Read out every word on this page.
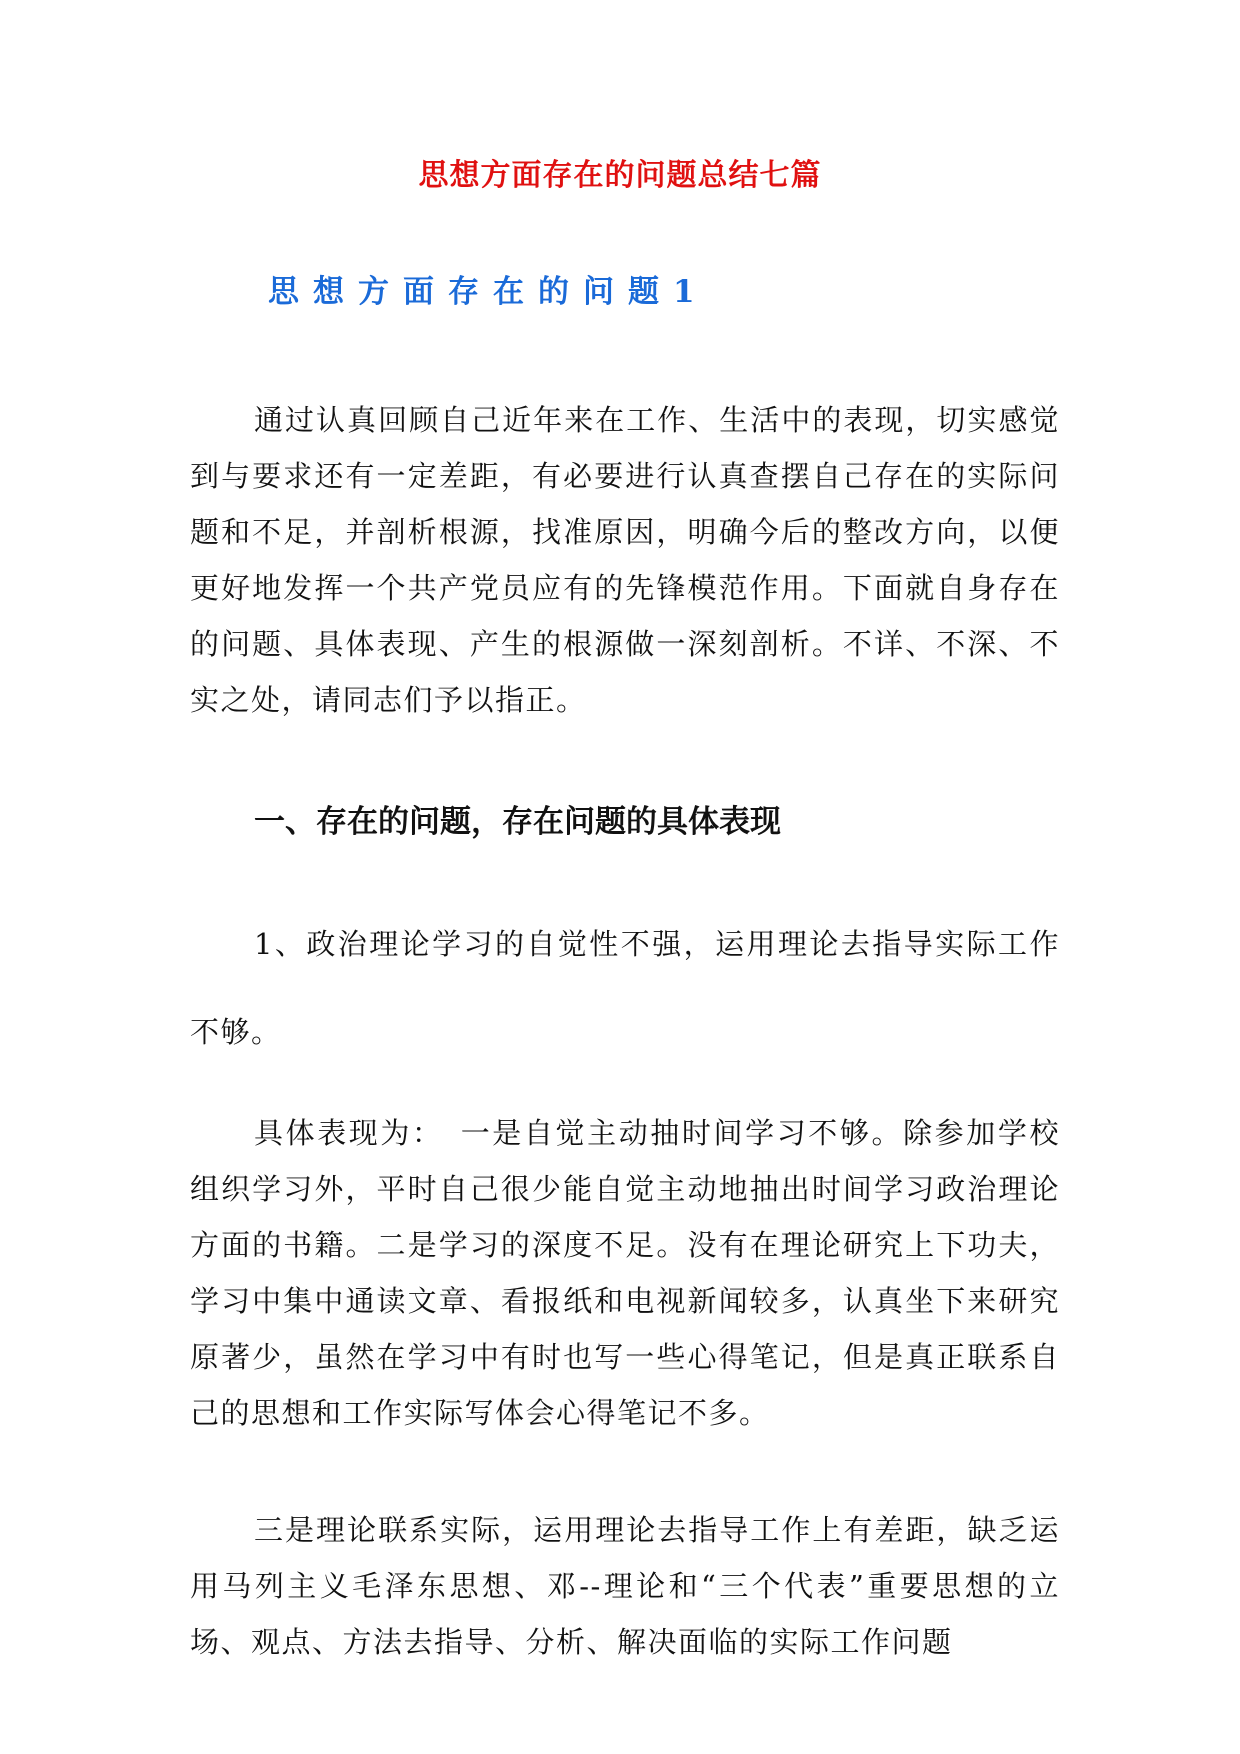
思想方面存在的问题总结七篇
思想方面存在的问题1

通过认真回顾自己近年来在工作、生活中的表现，切实感觉到与要求还有一定差距，有必要进行认真查摆自己存在的实际问题和不足，并剖析根源，找准原因，明确今后的整改方向，以便更好地发挥一个共产党员应有的先锋模范作用。下面就自身存在的问题、具体表现、产生的根源做一深刻剖析。不详、不深、不实之处，请同志们予以指正。

一、存在的问题，存在问题的具体表现

1、政治理论学习的自觉性不强，运用理论去指导实际工作不够。

具体表现为：　一是自觉主动抽时间学习不够。除参加学校组织学习外，平时自己很少能自觉主动地抽出时间学习政治理论方面的书籍。二是学习的深度不足。没有在理论研究上下功夫，学习中集中通读文章、看报纸和电视新闻较多，认真坐下来研究原著少，虽然在学习中有时也写一些心得笔记，但是真正联系自己的思想和工作实际写体会心得笔记不多。

三是理论联系实际，运用理论去指导工作上有差距，缺乏运用马列主义毛泽东思想、邓--理论和“三个代表”重要思想的立场、观点、方法去指导、分析、解决面临的实际工作问题
